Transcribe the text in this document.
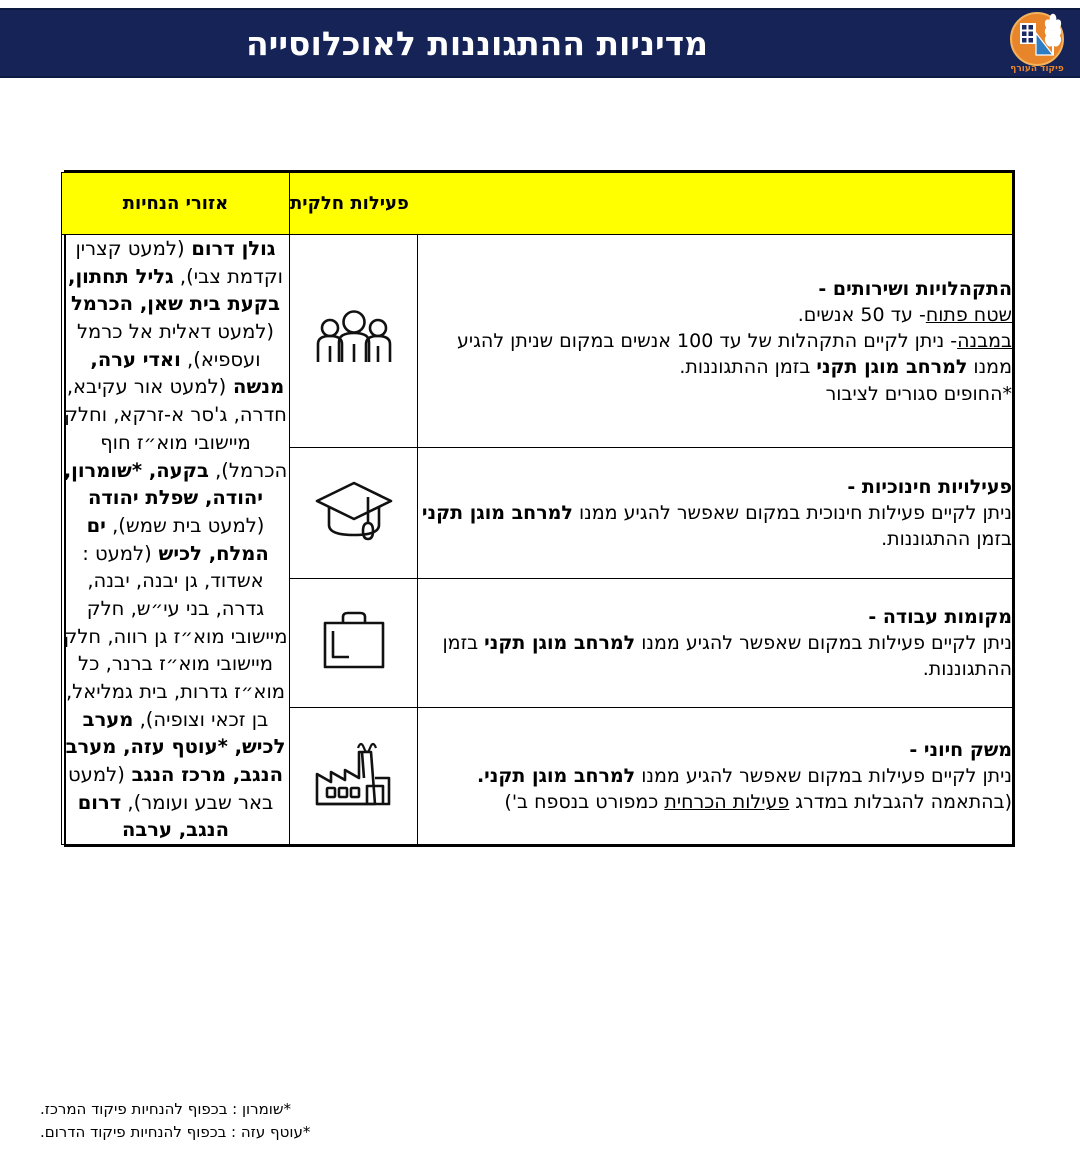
פיקוד העורף
מדיניות ההתגוננות לאוכלוסייה
פעילות חלקית		אזורי הנחיות
התקהלויות ושירותים -
שטח פתוח- עד 50 אנשים.
במבנה- ניתן לקיים התקהלות של עד 100 אנשים במקום שניתן להגיע ממנו למרחב מוגן תקני בזמן ההתגוננות.
*החופים סגורים לציבור		גולן דרום (למעט קצרין וקדמת צבי), גליל תחתון, בקעת בית שאן, הכרמל (למעט דאלית אל כרמל ועספיא), ואדי ערה, מנשה (למעט אור עקיבא, חדרה, ג'סר א-זרקא, וחלק מיישובי מוא״ז חוף הכרמל), בקעה, *שומרון, יהודה, שפלת יהודה (למעט בית שמש), ים המלח, לכיש (למעט : אשדוד, גן יבנה, יבנה, גדרה, בני עי״ש, חלק מיישובי מוא״ז גן רווה, חלק מיישובי מוא״ז ברנר, כל מוא״ז גדרות, בית גמליאל, בן זכאי וצופיה), מערב לכיש, *עוטף עזה, מערב הנגב, מרכז הנגב (למעט באר שבע ועומר), דרום הנגב, ערבה
פעילויות חינוכיות -
ניתן לקיים פעילות חינוכית במקום שאפשר להגיע ממנו למרחב מוגן תקני בזמן ההתגוננות.	
מקומות עבודה -
ניתן לקיים פעילות במקום שאפשר להגיע ממנו למרחב מוגן תקני בזמן ההתגוננות.	
משק חיוני -
ניתן לקיים פעילות במקום שאפשר להגיע ממנו למרחב מוגן תקני.
(בהתאמה להגבלות במדרג פעילות הכרחית כמפורט בנספח ב')	
*שומרון : בכפוף להנחיות פיקוד המרכז.
*עוטף עזה : בכפוף להנחיות פיקוד הדרום.
